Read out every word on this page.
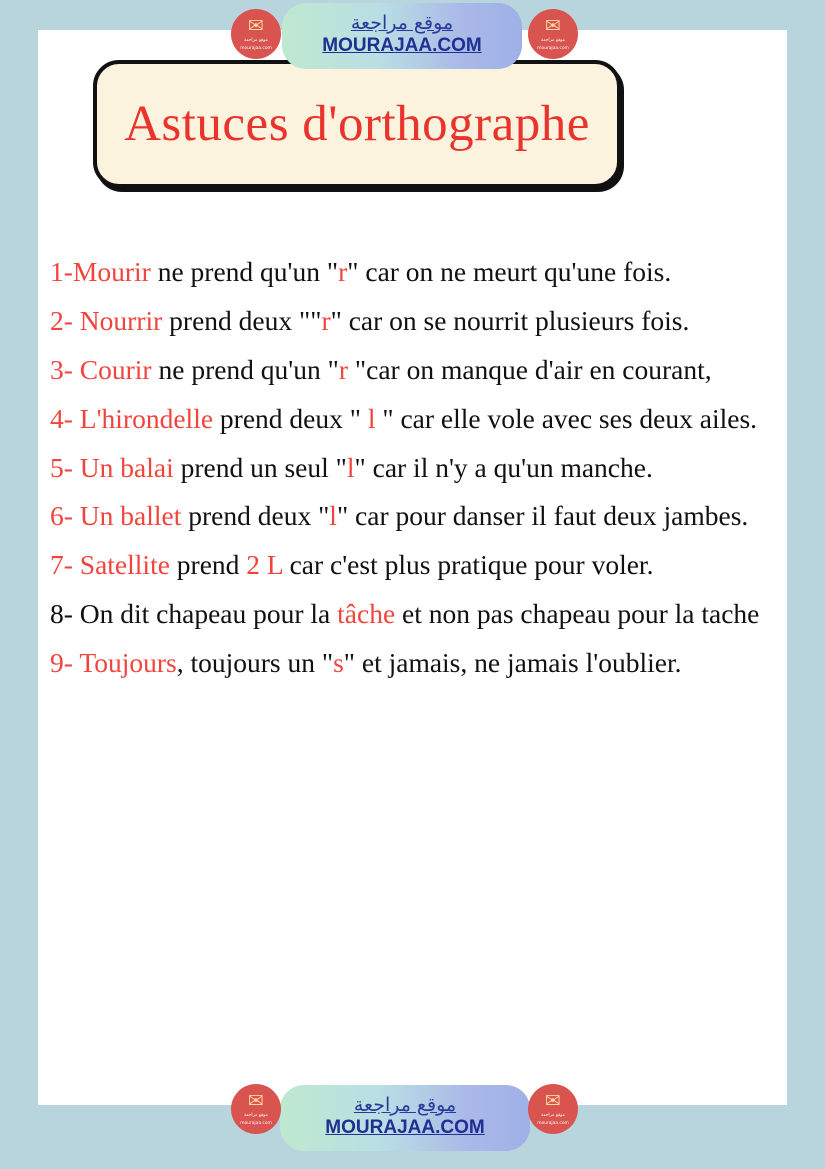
Astuces d'orthographe

1-Mourir ne prend qu'un "r" car on ne meurt qu'une fois.

2- Nourrir prend deux ""r" car on se nourrit plusieurs fois.

3- Courir ne prend qu'un "r "car on manque d'air en courant,

4- L'hirondelle prend deux " l " car elle vole avec ses deux ailes.

5- Un balai prend un seul "l" car il n'y a qu'un manche.

6- Un ballet prend deux "l" car pour danser il faut deux jambes.

7- Satellite prend 2 L car c'est plus pratique pour voler.

8- On dit chapeau pour la tâche et non pas chapeau pour la tache

9- Toujours, toujours un "s" et jamais, ne jamais l'oublier.

موقع مراجعة
MOURAJAA.COM
موقع مراجعة
MOURAJAA.COM
✉
موقع مراجعة
mourajaa.com
✉
موقع مراجعة
mourajaa.com
✉
موقع مراجعة
mourajaa.com
✉
موقع مراجعة
mourajaa.com
